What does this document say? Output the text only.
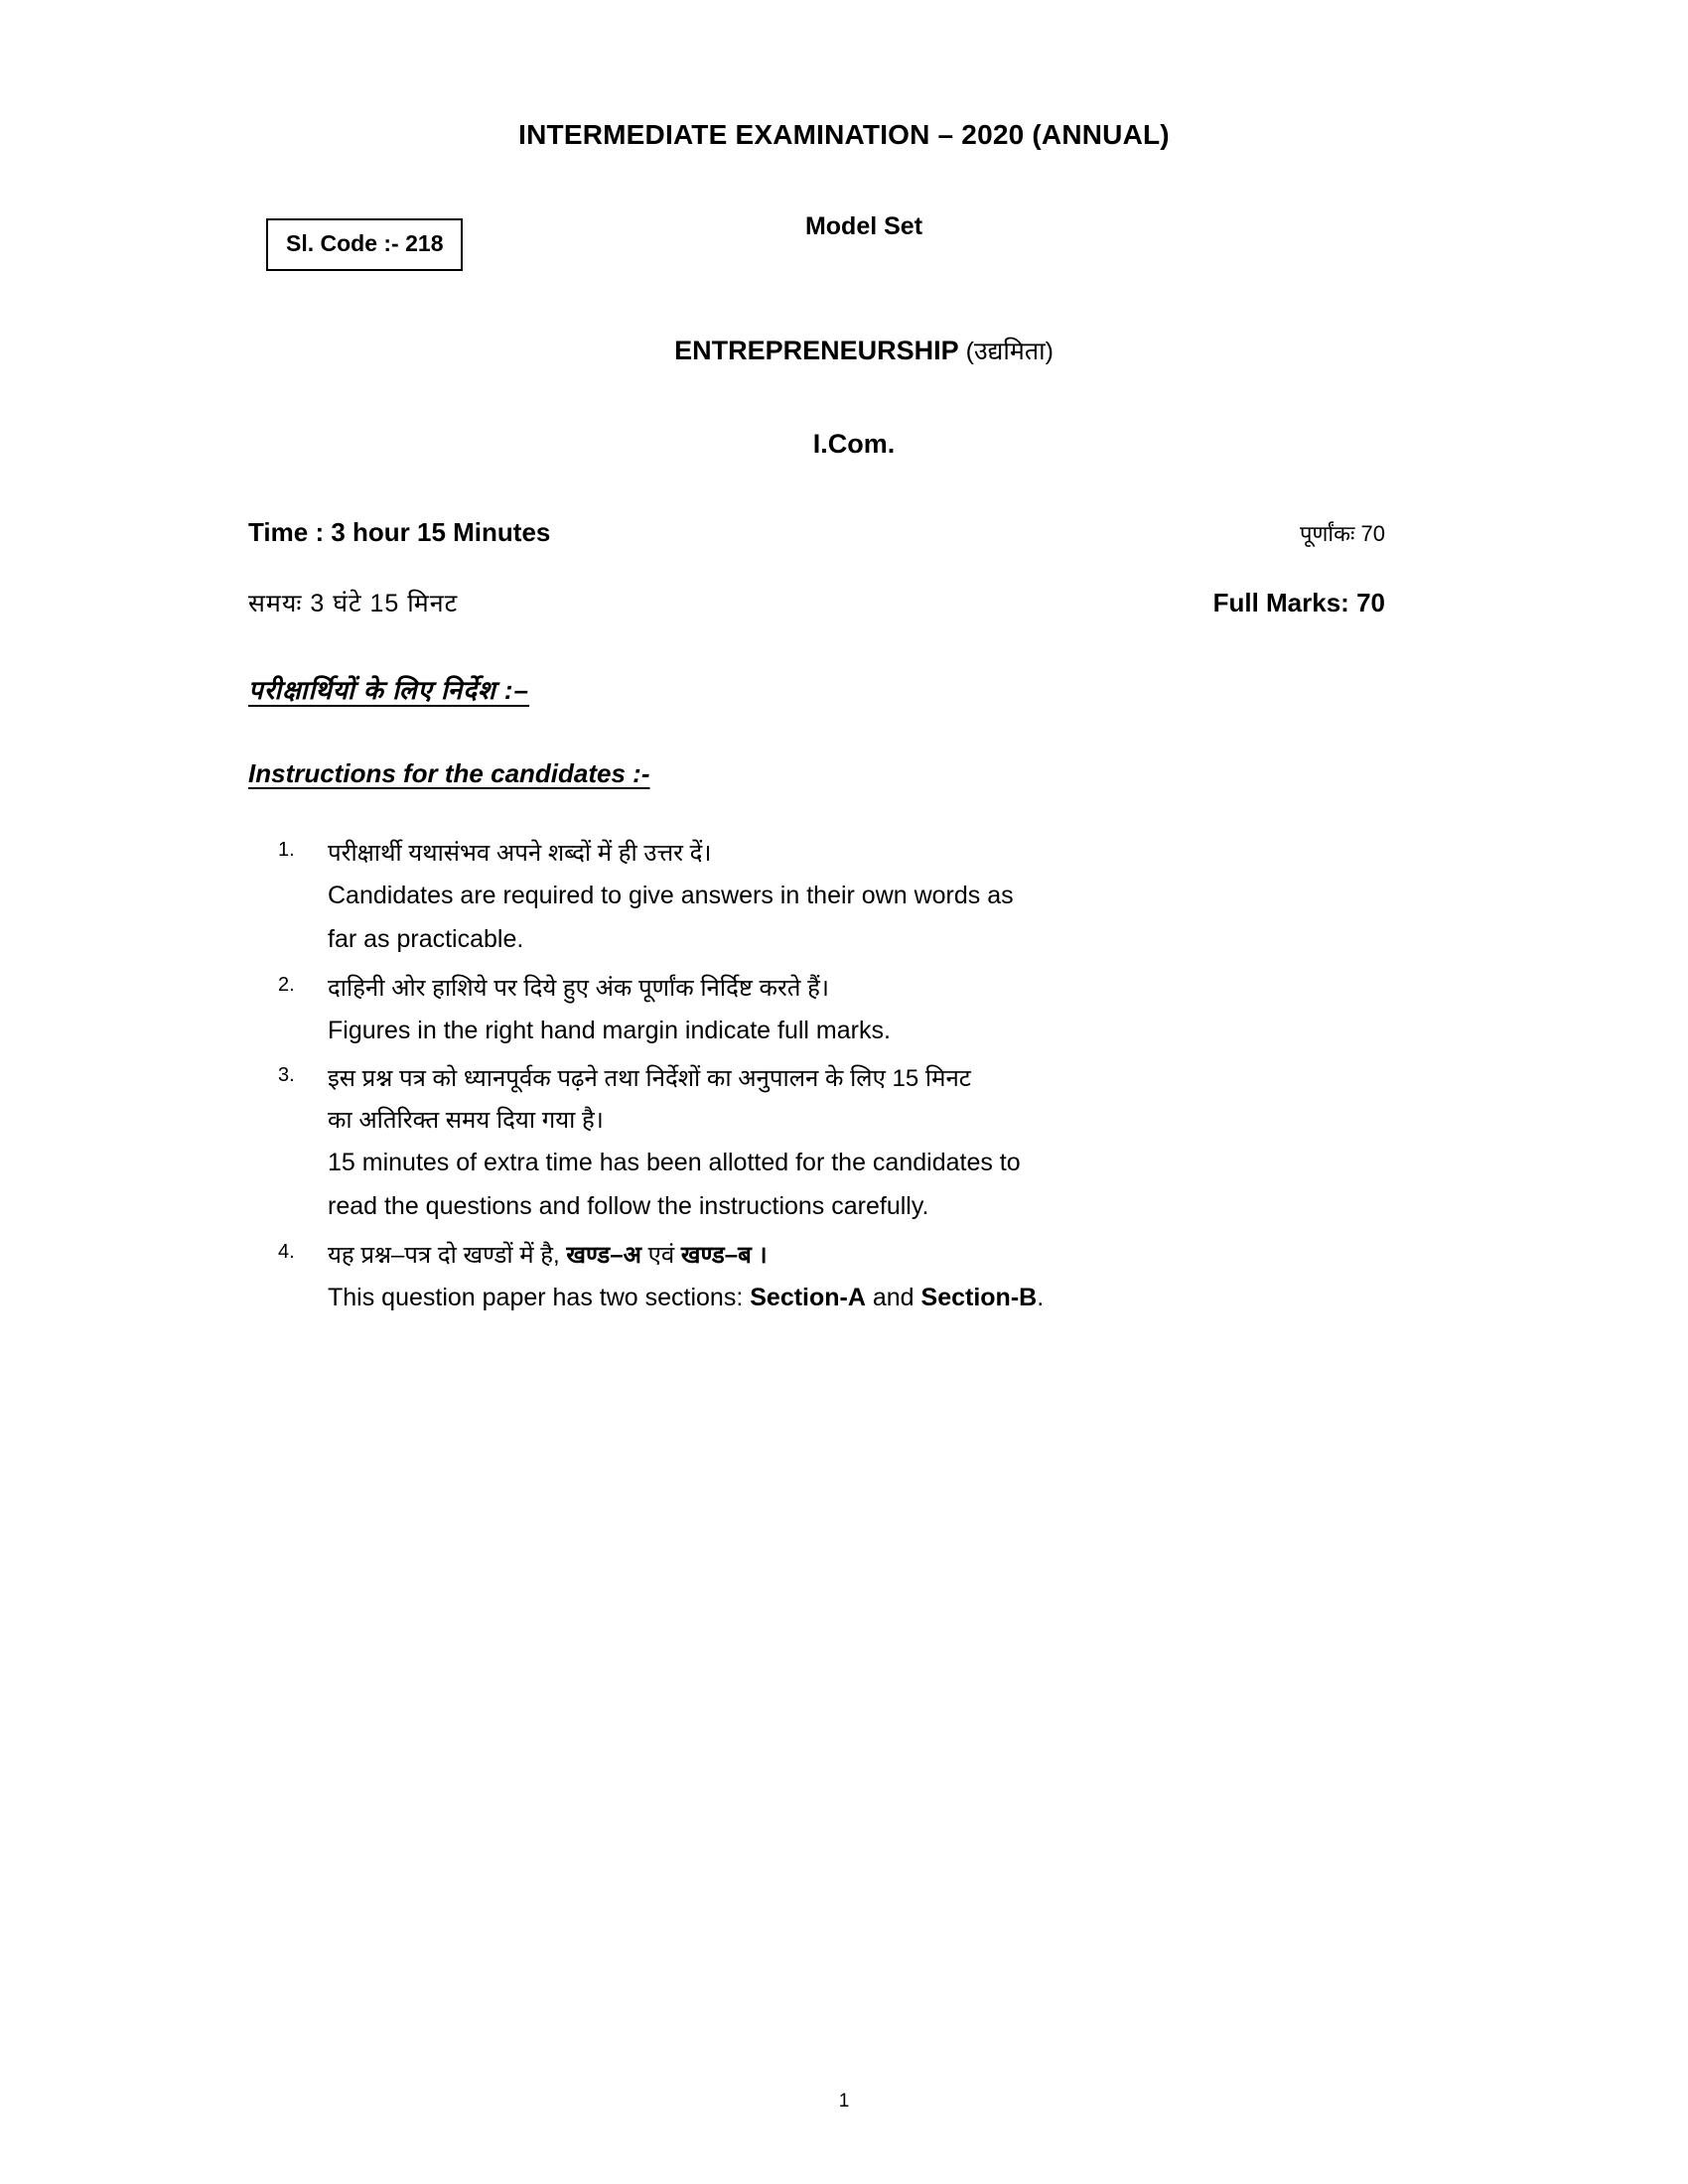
INTERMEDIATE EXAMINATION – 2020 (ANNUAL)
Sl. Code :- 218
Model Set
ENTREPRENEURSHIP (उद्यमिता)
I.Com.
Time : 3 hour 15 Minutes	पूर्णांकः 70
समयः 3 घंटे 15 मिनट	Full Marks: 70
परीक्षार्थियों के लिए निर्देश :–
Instructions for the candidates :-
1.	परीक्षार्थी यथासंभव अपने शब्दों में ही उत्तर दें।
Candidates are required to give answers in their own words as
far as practicable.
2.	दाहिनी ओर हाशिये पर दिये हुए अंक पूर्णांक निर्दिष्ट करते हैं।
Figures in the right hand margin indicate full marks.
3.	इस प्रश्न पत्र को ध्यानपूर्वक पढ़ने तथा निर्देशों का अनुपालन के लिए 15 मिनट
का अतिरिक्त समय दिया गया है।
15 minutes of extra time has been allotted for the candidates to
read the questions and follow the instructions carefully.
4.	यह प्रश्न–पत्र दो खण्डों में है, खण्ड–अ एवं खण्ड–ब ।
This question paper has two sections: Section-A and Section-B.
1
